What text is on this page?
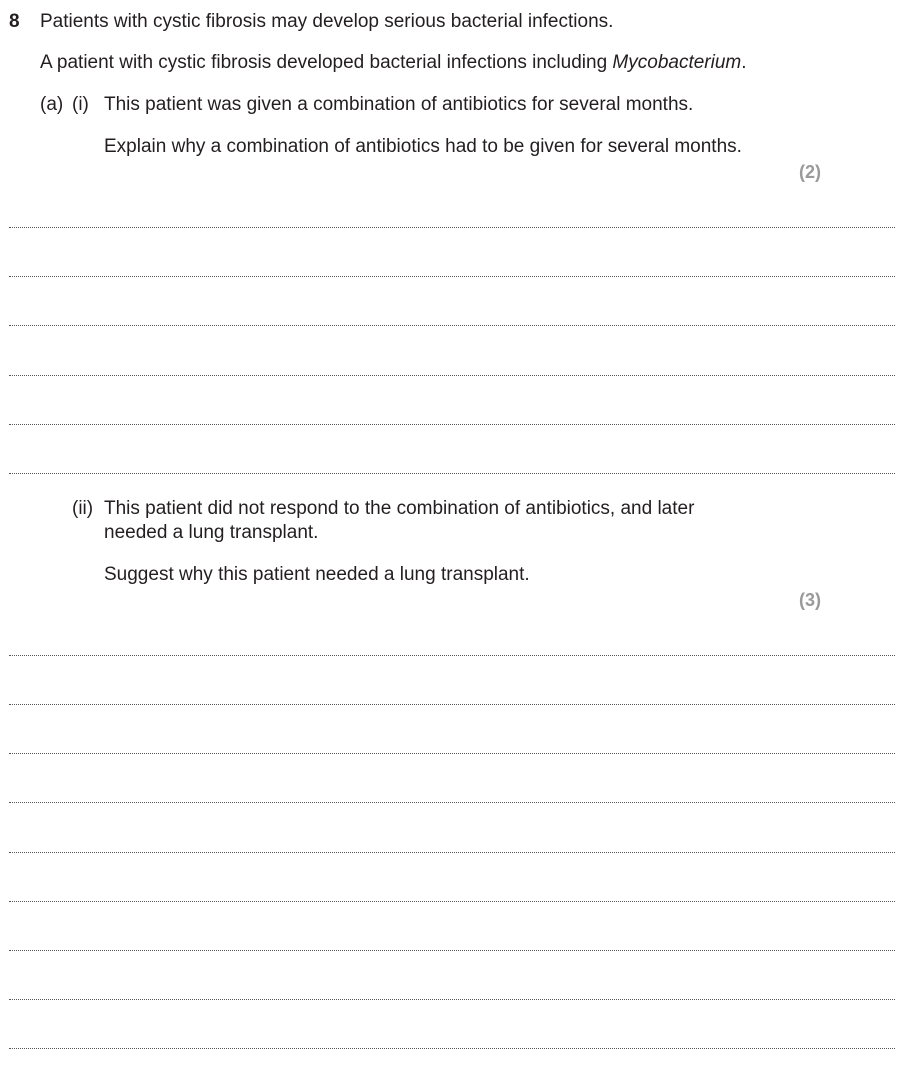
8 Patients with cystic fibrosis may develop serious bacterial infections.
A patient with cystic fibrosis developed bacterial infections including Mycobacterium.
(a) (i) This patient was given a combination of antibiotics for several months.
Explain why a combination of antibiotics had to be given for several months.
(2)
(ii) This patient did not respond to the combination of antibiotics, and later
needed a lung transplant.
Suggest why this patient needed a lung transplant.
(3)
